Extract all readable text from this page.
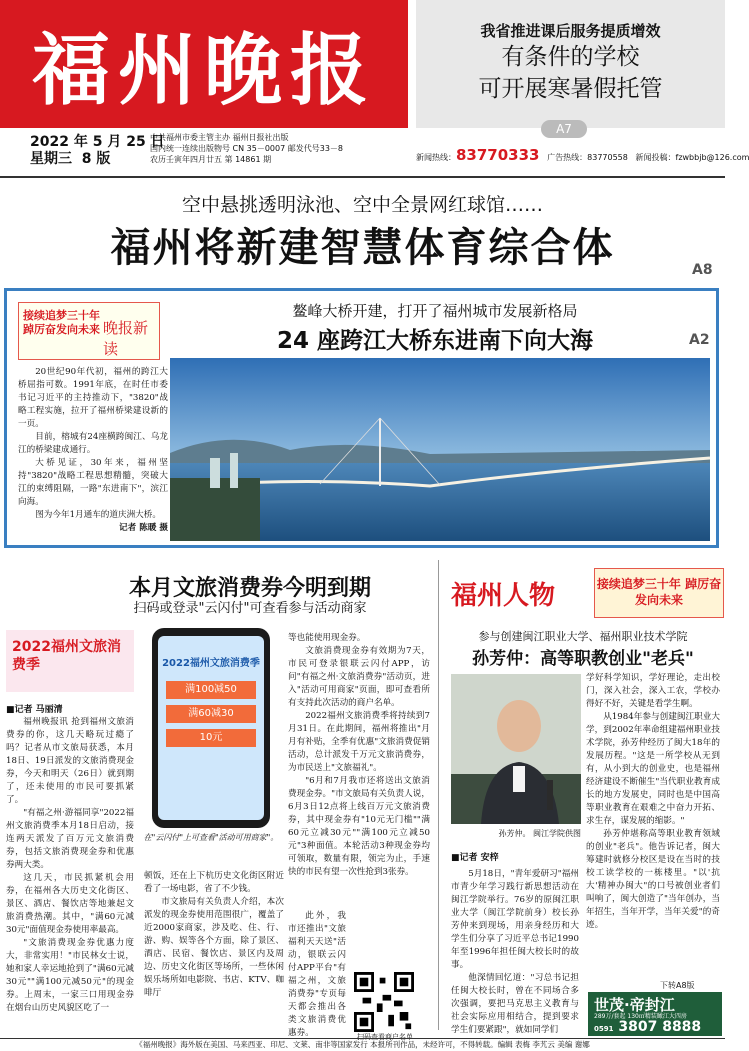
福州晚报	我省推进课后服务提质增效
有条件的学校
可开展寒暑假托管
A7
2022 年 5 月 25 日
星期三 8 版
中共福州市委主管主办 福州日报社出版
国内统一连续出版物号 CN 35－0007 邮发代号33－8
农历壬寅年四月廿五 第 14861 期	新闻热线：83770333 广告热线：83770558 新闻投稿：fzwbbjb@126.com
空中悬挑透明泳池、空中全景网红球馆……
福州将新建智慧体育综合体	A8
接续追梦三十年 踔厉奋发向未来 晚报新读
鳌峰大桥开建，打开了福州城市发展新格局
24 座跨江大桥东进南下向大海	A2

20世纪90年代初，福州的跨江大桥屈指可数。1991年底，在时任市委书记习近平的主持推动下，"3820"战略工程实施，拉开了福州桥梁建设新的一页。

目前，榕城有24座横跨闽江、乌龙江的桥梁建成通行。

大桥见证，30年来，福州坚持"3820"战略工程思想精髓，突破大江的束缚阻隔，一路"东进南下"，滨江向海。

图为今年1月通车的道庆洲大桥。

记者 陈暖 摄
本月文旅消费券今明到期
扫码或登录"云闪付"可查看参与活动商家
2022福州文旅消费季
■记者 马丽清

福州晚报讯 抢到福州文旅消费券的你，这几天略玩过瘾了吗？记者从市文旅局获悉，本月18日、19日派发的文旅消费现金券，今天和明天（26日）就到期了，还未使用的市民可要抓紧了。

"有福之州·游福同享"2022福州文旅消费季本月18日启动，接连两天派发了百万元文旅消费券，包括文旅消费现金券和优惠券两大类。

这几天，市民抓紧机会用券，在福州各大历史文化街区、景区、酒店、餐饮店等地兼起文旅消费热潮。其中，"满60元减30元"面值现金券使用率最高。

"文旅消费现金券优惠力度大，非常实用！"市民林女士说，她和家人幸运地抢到了"满60元减30元""满100元减50元"的现金券。上周末，一家三口用现金券在烟台山历史风貌区吃了一

2022福州文旅消费季
满100减50
满60减30
10元
在"云闪付"上可查看"活动可用商家"。

顿饭，还在上下杭历史文化街区附近看了一场电影，省了不少钱。

市文旅局有关负责人介绍，本次派发的现金券使用范围很广，覆盖了近2000家商家，涉及吃、住、行、游、购、娱等各个方面，除了景区、酒店、民宿、餐饮店、景区内及周边、历史文化街区等场所，一些休闲娱乐场所如电影院、书店、KTV、咖啡厅

等也能使用现金券。

文旅消费现金券有效期为7天，市民可登录银联云闪付APP，访问"有福之州·文旅消费券"活动页，进入"活动可用商家"页面，即可查看所有支持此次活动的商户名单。

2022福州文旅消费季将持续到7月31日。在此期间，福州将推出"月月有补贴，全季有优惠"文旅消费促销活动，总计派发千万元文旅消费券，为市民送上"文旅福礼"。

"6月和7月我市还将送出文旅消费现金券。"市文旅局有关负责人说，6月3日12点将上线百万元文旅消费券，其中现金券有"10元无门槛""满60元立减30元""满100元立减50元"3种面值。本轮活动3种现金券均可领取，数量有限，领完为止，手速快的市民有望一次性抢到3张券。

此外，我市还推出"文旅福利天天送"活动，银联云闪付APP平台"有福之州，文旅消费券"专页每天都会推出各类文旅消费优惠券。	扫码查看商户名单
福州人物	接续追梦三十年 踔厉奋发向未来
参与创建闽江职业大学、福州职业技术学院
孙芳仲：高等职教创业"老兵"
孙芳仲。 闽江学院供图
■记者 安梓

学好科学知识，学好理论，走出校门，深入社会，深入工农，学校办得好不好，关键是看学生啊。

从1984年参与创建闽江职业大学，到2002年率命组建福州职业技术学院，孙芳仲经历了闽大18年的发展历程。"这是一所学校从无到有，从小到大的创业史，也是福州经济建设不断催生"当代职业教育成长的地方发展史，同时也是中国高等职业教育在艰难之中奋力开拓、求生存，谋发展的缩影。"

孙芳仲堪称高等职业教育领域的创业"老兵"。他告诉记者，闽大筹建时就修分校区是设在当时的技校工读学校的一栋楼里。"以'抗大'精神办闽大"的口号被创业者们叫响了，闽大创造了"当年创办，当年招生，当年开学，当年关爱"的奇迹。

5月18日，"青年爱研习"福州市青少年学习践行新思想活动在闽江学院举行。76岁的原闽江职业大学（闽江学院前身）校长孙芳仲来到现场，用亲身经历和大学生们分享了习近平总书记1990年至1996年担任闽大校长时的故事。

他深情回忆道："习总书记担任闽大校长时，曾在不同场合多次强调，要把马克思主义教育与社会实际应用相结合，提到要求学生们要紧跟"，就如同学们

下转A8版
世茂·帝封江
289万/套起 130㎡精装瞰江大四房
0591 3807 8888
《福州晚报》海外版在美国、马来西亚、印尼、文莱、南非等国家发行 本报所刊作品，未经许可，不得转载。编辑 表梅 李艽云 美编 谢娜
